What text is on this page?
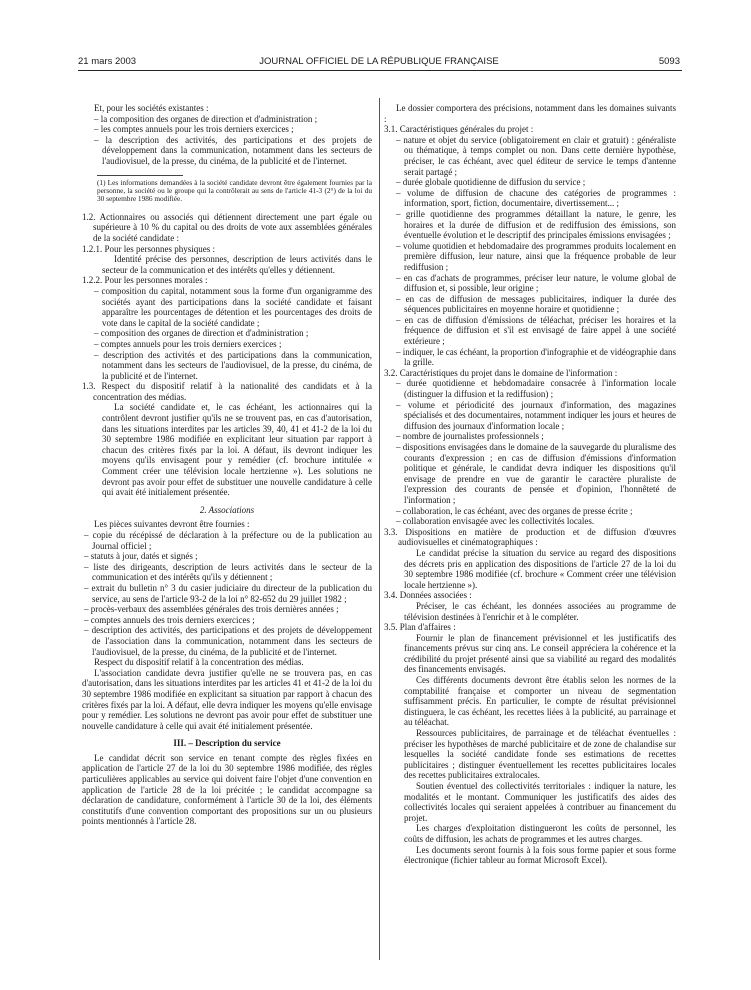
21 mars 2003	JOURNAL OFFICIEL DE LA RÉPUBLIQUE FRANÇAISE	5093

Et, pour les sociétés existantes :

– la composition des organes de direction et d'administration ;

– les comptes annuels pour les trois derniers exercices ;

– la description des activités, des participations et des projets de développement dans la communication, notamment dans les secteurs de l'audiovisuel, de la presse, du cinéma, de la publicité et de l'internet.

(1) Les informations demandées à la société candidate devront être également fournies par la personne, la société ou le groupe qui la contrôlerait au sens de l'article 41-3 (2°) de la loi du 30 septembre 1986 modifiée.

1.2. Actionnaires ou associés qui détiennent directement une part égale ou supérieure à 10 % du capital ou des droits de vote aux assemblées générales de la société candidate :

1.2.1. Pour les personnes physiques :

Identité précise des personnes, description de leurs activités dans le secteur de la communication et des intérêts qu'elles y détiennent.

1.2.2. Pour les personnes morales :

– composition du capital, notamment sous la forme d'un organigramme des sociétés ayant des participations dans la société candidate et faisant apparaître les pourcentages de détention et les pourcentages des droits de vote dans le capital de la société candidate ;

– composition des organes de direction et d'administration ;

– comptes annuels pour les trois derniers exercices ;

– description des activités et des participations dans la communication, notamment dans les secteurs de l'audiovisuel, de la presse, du cinéma, de la publicité et de l'internet.

1.3. Respect du dispositif relatif à la nationalité des candidats et à la concentration des médias.

La société candidate et, le cas échéant, les actionnaires qui la contrôlent devront justifier qu'ils ne se trouvent pas, en cas d'autorisation, dans les situations interdites par les articles 39, 40, 41 et 41-2 de la loi du 30 septembre 1986 modifiée en explicitant leur situation par rapport à chacun des critères fixés par la loi. A défaut, ils devront indiquer les moyens qu'ils envisagent pour y remédier (cf. brochure intitulée « Comment créer une télévision locale hertzienne »). Les solutions ne devront pas avoir pour effet de substituer une nouvelle candidature à celle qui avait été initialement présentée.

2. Associations

Les pièces suivantes devront être fournies :

– copie du récépissé de déclaration à la préfecture ou de la publication au Journal officiel ;

– statuts à jour, datés et signés ;

– liste des dirigeants, description de leurs activités dans le secteur de la communication et des intérêts qu'ils y détiennent ;

– extrait du bulletin n° 3 du casier judiciaire du directeur de la publication du service, au sens de l'article 93-2 de la loi n° 82-652 du 29 juillet 1982 ;

– procès-verbaux des assemblées générales des trois dernières années ;

– comptes annuels des trois derniers exercices ;

– description des activités, des participations et des projets de développement de l'association dans la communication, notamment dans les secteurs de l'audiovisuel, de la presse, du cinéma, de la publicité et de l'internet.

Respect du dispositif relatif à la concentration des médias.

L'association candidate devra justifier qu'elle ne se trouvera pas, en cas d'autorisation, dans les situations interdites par les articles 41 et 41-2 de la loi du 30 septembre 1986 modifiée en explicitant sa situation par rapport à chacun des critères fixés par la loi. A défaut, elle devra indiquer les moyens qu'elle envisage pour y remédier. Les solutions ne devront pas avoir pour effet de substituer une nouvelle candidature à celle qui avait été initialement présentée.

III. – Description du service

Le candidat décrit son service en tenant compte des règles fixées en application de l'article 27 de la loi du 30 septembre 1986 modifiée, des règles particulières applicables au service qui doivent faire l'objet d'une convention en application de l'article 28 de la loi précitée ; le candidat accompagne sa déclaration de candidature, conformément à l'article 30 de la loi, des éléments constitutifs d'une convention comportant des propositions sur un ou plusieurs points mentionnés à l'article 28.

Le dossier comportera des précisions, notamment dans les domaines suivants :

3.1. Caractéristiques générales du projet :

– nature et objet du service (obligatoirement en clair et gratuit) : généraliste ou thématique, à temps complet ou non. Dans cette dernière hypothèse, préciser, le cas échéant, avec quel éditeur de service le temps d'antenne serait partagé ;

– durée globale quotidienne de diffusion du service ;

– volume de diffusion de chacune des catégories de programmes : information, sport, fiction, documentaire, divertissement... ;

– grille quotidienne des programmes détaillant la nature, le genre, les horaires et la durée de diffusion et de rediffusion des émissions, son éventuelle évolution et le descriptif des principales émissions envisagées ;

– volume quotidien et hebdomadaire des programmes produits localement en première diffusion, leur nature, ainsi que la fréquence probable de leur rediffusion ;

– en cas d'achats de programmes, préciser leur nature, le volume global de diffusion et, si possible, leur origine ;

– en cas de diffusion de messages publicitaires, indiquer la durée des séquences publicitaires en moyenne horaire et quotidienne ;

– en cas de diffusion d'émissions de téléachat, préciser les horaires et la fréquence de diffusion et s'il est envisagé de faire appel à une société extérieure ;

– indiquer, le cas échéant, la proportion d'infographie et de vidéographie dans la grille.

3.2. Caractéristiques du projet dans le domaine de l'information :

– durée quotidienne et hebdomadaire consacrée à l'information locale (distinguer la diffusion et la rediffusion) ;

– volume et périodicité des journaux d'information, des magazines spécialisés et des documentaires, notamment indiquer les jours et heures de diffusion des journaux d'information locale ;

– nombre de journalistes professionnels ;

– dispositions envisagées dans le domaine de la sauvegarde du pluralisme des courants d'expression ; en cas de diffusion d'émissions d'information politique et générale, le candidat devra indiquer les dispositions qu'il envisage de prendre en vue de garantir le caractère pluraliste de l'expression des courants de pensée et d'opinion, l'honnêteté de l'information ;

– collaboration, le cas échéant, avec des organes de presse écrite ;

– collaboration envisagée avec les collectivités locales.

3.3. Dispositions en matière de production et de diffusion d'œuvres audiovisuelles et cinématographiques :

Le candidat précise la situation du service au regard des dispositions des décrets pris en application des dispositions de l'article 27 de la loi du 30 septembre 1986 modifiée (cf. brochure « Comment créer une télévision locale hertzienne »).

3.4. Données associées :

Préciser, le cas échéant, les données associées au programme de télévision destinées à l'enrichir et à le compléter.

3.5. Plan d'affaires :

Fournir le plan de financement prévisionnel et les justificatifs des financements prévus sur cinq ans. Le conseil appréciera la cohérence et la crédibilité du projet présenté ainsi que sa viabilité au regard des modalités des financements envisagés.

Ces différents documents devront être établis selon les normes de la comptabilité française et comporter un niveau de segmentation suffisamment précis. En particulier, le compte de résultat prévisionnel distinguera, le cas échéant, les recettes liées à la publicité, au parrainage et au téléachat.

Ressources publicitaires, de parrainage et de téléachat éventuelles : préciser les hypothèses de marché publicitaire et de zone de chalandise sur lesquelles la société candidate fonde ses estimations de recettes publicitaires ; distinguer éventuellement les recettes publicitaires locales des recettes publicitaires extralocales.

Soutien éventuel des collectivités territoriales : indiquer la nature, les modalités et le montant. Communiquer les justificatifs des aides des collectivités locales qui seraient appelées à contribuer au financement du projet.

Les charges d'exploitation distingueront les coûts de personnel, les coûts de diffusion, les achats de programmes et les autres charges.

Les documents seront fournis à la fois sous forme papier et sous forme électronique (fichier tableur au format Microsoft Excel).
